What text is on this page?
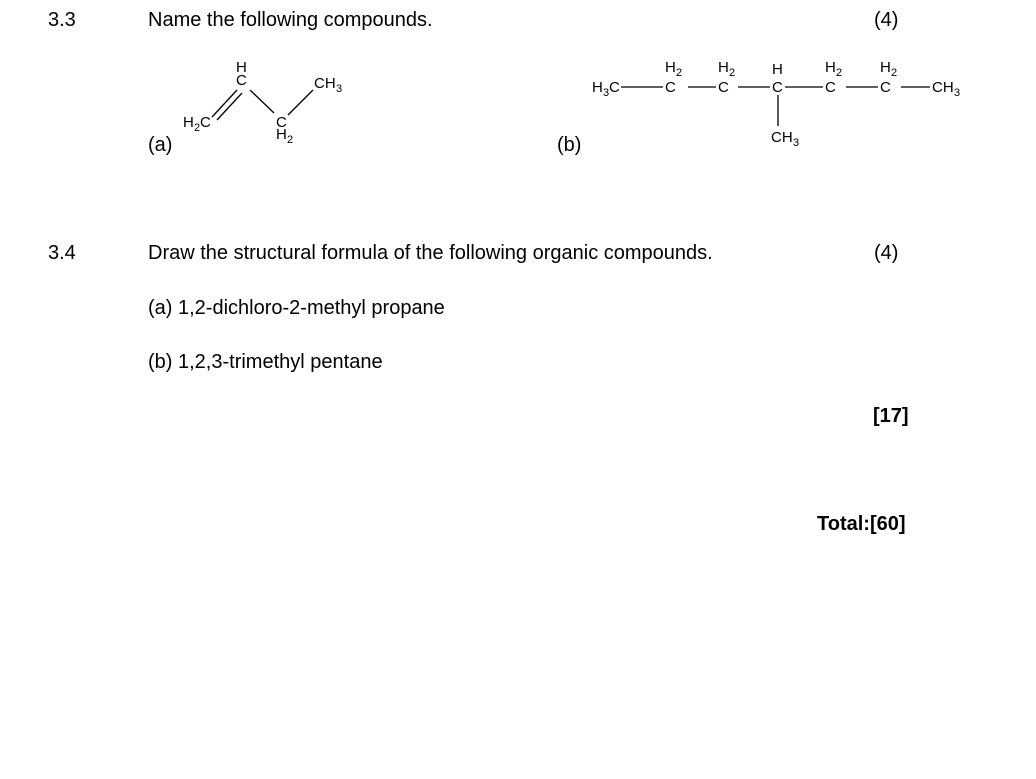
3.3	Name the following compounds.	(4)
(a)	(b)
H 2 C
H
C
C
H 2
CH 3	H 3 C
H 2
C
H 2
C
H
C
CH 3
H 2
C
H 2
C	CH 3
3.4	Draw the structural formula of the following organic compounds.	(4)
(a) 1,2-dichloro-2-methyl propane
(b) 1,2,3-trimethyl pentane
[17]
Total:[60]
